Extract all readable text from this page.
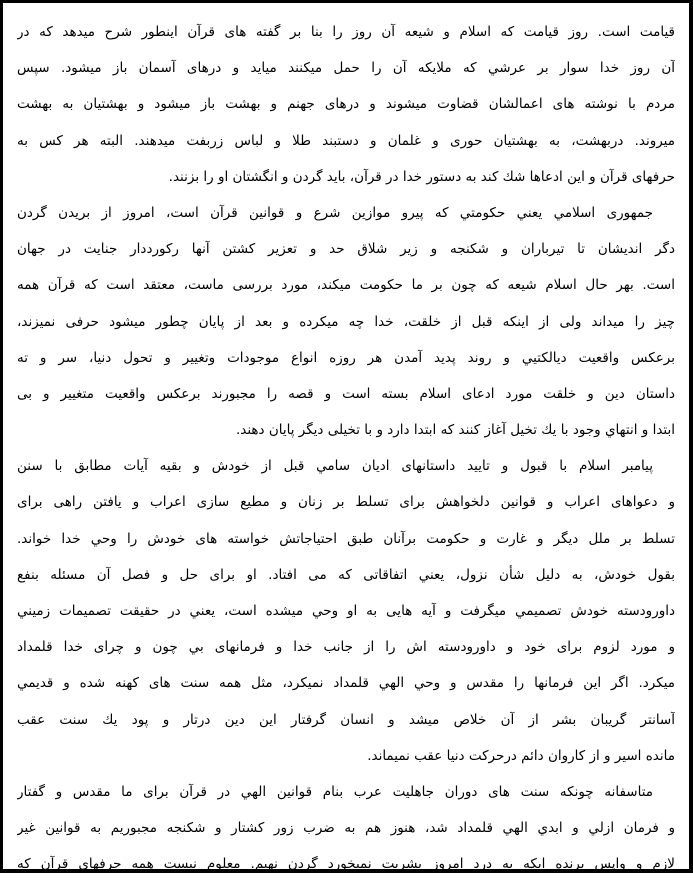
قیامت است. روز قیامت که اسلام و شیعه آن روز را بنا بر گفته های قرآن اینطور شرح میدهد که در
آن روز خدا سوار بر عرشي که ملایکه آن را حمل میکنند میاید و درهای آسمان باز میشود. سپس
مردم با نوشته های اعمالشان قضاوت میشوند و درهای جهنم و بهشت باز میشود و بهشتیان به بهشت
میروند. دربهشت، به بهشتیان حوری و غلمان و دستبند طلا و لباس زربفت میدهند. البته هر کس به
حرفهای قرآن و این ادعاها شك كند به دستور خدا در قرآن، باید گردن و انگشتان او را بزنند.
جمهوری اسلامي یعني حکومتي که پیرو موازین شرع و قوانین قرآن است، امروز از بریدن گردن
دگر اندیشان تا تیرباران و شکنجه و زیر شلاق حد و تعزیر کشتن آنها رکورددار جنایت در جهان
است. بهر حال اسلام شیعه که چون بر ما حکومت میکند، مورد بررسی ماست، معتقد است که قرآن همه
چیز را میداند ولی از اینکه قبل از خلقت، خدا چه میکرده و بعد از پایان چطور میشود حرفی نمیزند،
برعکس واقعیت دیالکتیي و روند پدید آمدن هر روزه انواع موجودات وتغییر و تحول دنیا، سر و ته
داستان دین و خلقت مورد ادعای اسلام بسته است و قصه را مجبورند برعکس واقعیت متغییر و بی
ابتدا و انتهاي وجود با یك تخیل آغاز کنند که ابتدا دارد و با تخیلی دیگر پایان دهند.
پیامبر اسلام با قبول و تایید داستانهای ادیان سامي قبل از خودش و بقیه آیات مطابق با سنن
و دعواهای اعراب و قوانین دلخواهش برای تسلط بر زنان و مطیع سازی اعراب و یافتن راهی برای
تسلط بر ملل دیگر و غارت و حکومت برآنان طبق احتیاجاتش خواسته های خودش را وحي خدا خواند.
بقول خودش، به دلیل شأن نزول، یعني اتفاقاتی که می افتاد. او برای حل و فصل آن مسئله بنفع
داورودسته خودش تصمیمي میگرفت و آیه هایی به او وحي میشده است، یعني در حقیقت تصمیمات زمیني
و مورد لزوم برای خود و داورودسته اش را از جانب خدا و فرمانهای بي چون و چرای خدا قلمداد
میکرد. اگر این فرمانها را مقدس و وحي الهي قلمداد نمیکرد، مثل همه سنت های کهنه شده و قدیمي
آسانتر گریبان بشر از آن خلاص میشد و انسان گرفتار این دین درتار و پود یك سنت عقب
مانده اسیر و از کاروان دائم درحرکت دنیا عقب نمیماند.
متاسفانه چونکه سنت های دوران جاهلیت عرب بنام قوانین الهي در قرآن برای ما مقدس و گفتار
و فرمان ازلي و ابدي الهي قلمداد شد، هنوز هم به ضرب زور کشتار و شکنجه مجبوریم به قوانین غیر
لازم و واپس برنده ایکه به درد امروز بشریت نمیخورد گردن نهیم. معلوم نیست همه حرفهای قرآن که
